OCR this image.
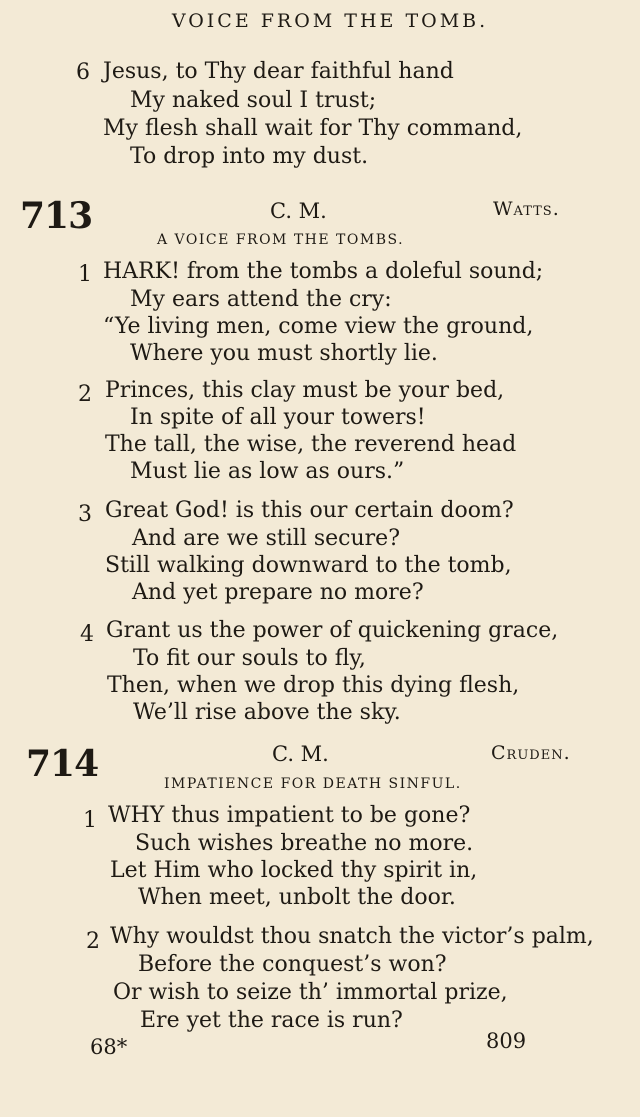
VOICE FROM THE TOMB.
6 Jesus, to Thy dear faithful hand
My naked soul I trust;
My flesh shall wait for Thy command,
To drop into my dust.
713	C. M.	Watts.
A VOICE FROM THE TOMBS.
1 HARK! from the tombs a doleful sound;
My ears attend the cry:
“Ye living men, come view the ground,
Where you must shortly lie.
2 Princes, this clay must be your bed,
In spite of all your towers!
The tall, the wise, the reverend head
Must lie as low as ours.”
3 Great God! is this our certain doom?
And are we still secure?
Still walking downward to the tomb,
And yet prepare no more?
4 Grant us the power of quickening grace,
To fit our souls to fly,
Then, when we drop this dying flesh,
We’ll rise above the sky.
714	C. M.	Cruden.
IMPATIENCE FOR DEATH SINFUL.
1 WHY thus impatient to be gone?
Such wishes breathe no more.
Let Him who locked thy spirit in,
When meet, unbolt the door.
2 Why wouldst thou snatch the victor’s palm,
Before the conquest’s won?
Or wish to seize th’ immortal prize,
Ere yet the race is run?
68*	809
